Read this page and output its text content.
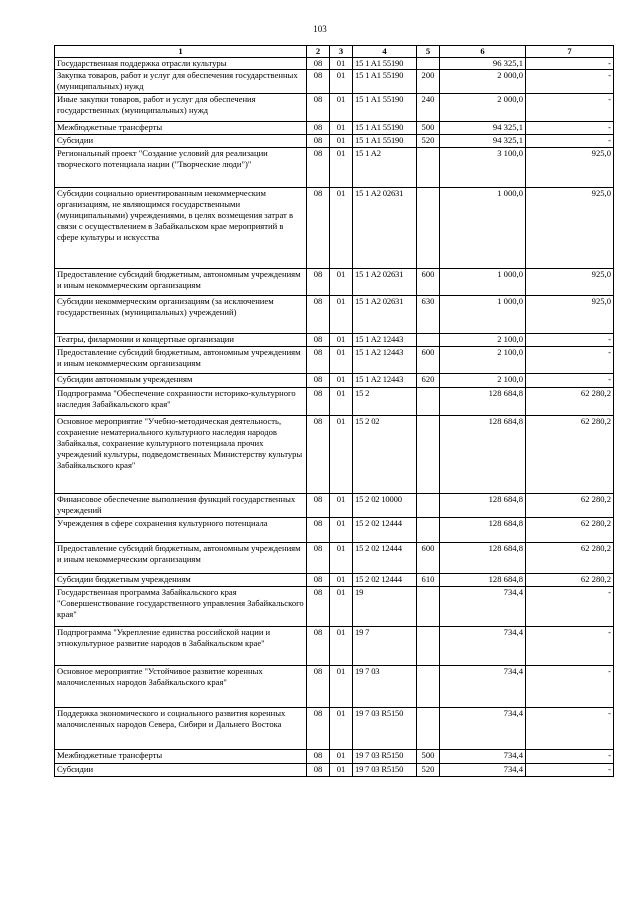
103
1	2	3	4	5	6	7
Государственная поддержка отрасли культуры	08	01	15 1 A1 55190		96 325,1	-
Закупка товаров, работ и услуг для обеспечения государственных (муниципальных) нужд	08	01	15 1 A1 55190	200	2 000,0	-
Иные закупки товаров, работ и услуг для обеспечения государственных (муниципальных) нужд	08	01	15 1 A1 55190	240	2 000,0	-
Межбюджетные трансферты	08	01	15 1 A1 55190	500	94 325,1	-
Субсидии	08	01	15 1 A1 55190	520	94 325,1	-
Региональный проект "Создание условий для реализации творческого потенциала нации ("Творческие люди")"	08	01	15 1 A2		3 100,0	925,0
Субсидии социально ориентированным некоммерческим организациям, не являющимся государственными (муниципальными) учреждениями, в целях возмещения затрат в связи с осуществлением в Забайкальском крае мероприятий в сфере культуры и искусства	08	01	15 1 A2 02631		1 000,0	925,0
Предоставление субсидий бюджетным, автономным учреждениям и иным некоммерческим организациям	08	01	15 1 A2 02631	600	1 000,0	925,0
Субсидии некоммерческим организациям (за исключением государственных (муниципальных) учреждений)	08	01	15 1 A2 02631	630	1 000,0	925,0
Театры, филармонии и концертные организации	08	01	15 1 A2 12443		2 100,0	-
Предоставление субсидий бюджетным, автономным учреждениям и иным некоммерческим организациям	08	01	15 1 A2 12443	600	2 100,0	-
Субсидии автономным учреждениям	08	01	15 1 A2 12443	620	2 100,0	-
Подпрограмма "Обеспечение сохранности историко-культурного наследия Забайкальского края"	08	01	15 2		128 684,8	62 280,2
Основное мероприятие "Учебно-методическая деятельность, сохранение нематериального культурного наследия народов Забайкалья, сохранение культурного потенциала прочих учреждений культуры, подведомственных Министерству культуры Забайкальского края"	08	01	15 2 02		128 684,8	62 280,2
Финансовое обеспечение выполнения функций государственных учреждений	08	01	15 2 02 10000		128 684,8	62 280,2
Учреждения в сфере сохранения культурного потенциала	08	01	15 2 02 12444		128 684,8	62 280,2
Предоставление субсидий бюджетным, автономным учреждениям и иным некоммерческим организациям	08	01	15 2 02 12444	600	128 684,8	62 280,2
Субсидии бюджетным учреждениям	08	01	15 2 02 12444	610	128 684,8	62 280,2
Государственная программа Забайкальского края "Совершенствование государственного управления Забайкальского края"	08	01	19		734,4	-
Подпрограмма "Укрепление единства российской нации и этнокультурное развитие народов в Забайкальском крае"	08	01	19 7		734,4	-
Основное мероприятие "Устойчивое развитие коренных малочисленных народов Забайкальского края"	08	01	19 7 03		734,4	-
Поддержка экономического и социального развития коренных малочисленных народов Севера, Сибири и Дальнего Востока	08	01	19 7 03 R5150		734,4	-
Межбюджетные трансферты	08	01	19 7 03 R5150	500	734,4	-
Субсидии	08	01	19 7 03 R5150	520	734,4	-
